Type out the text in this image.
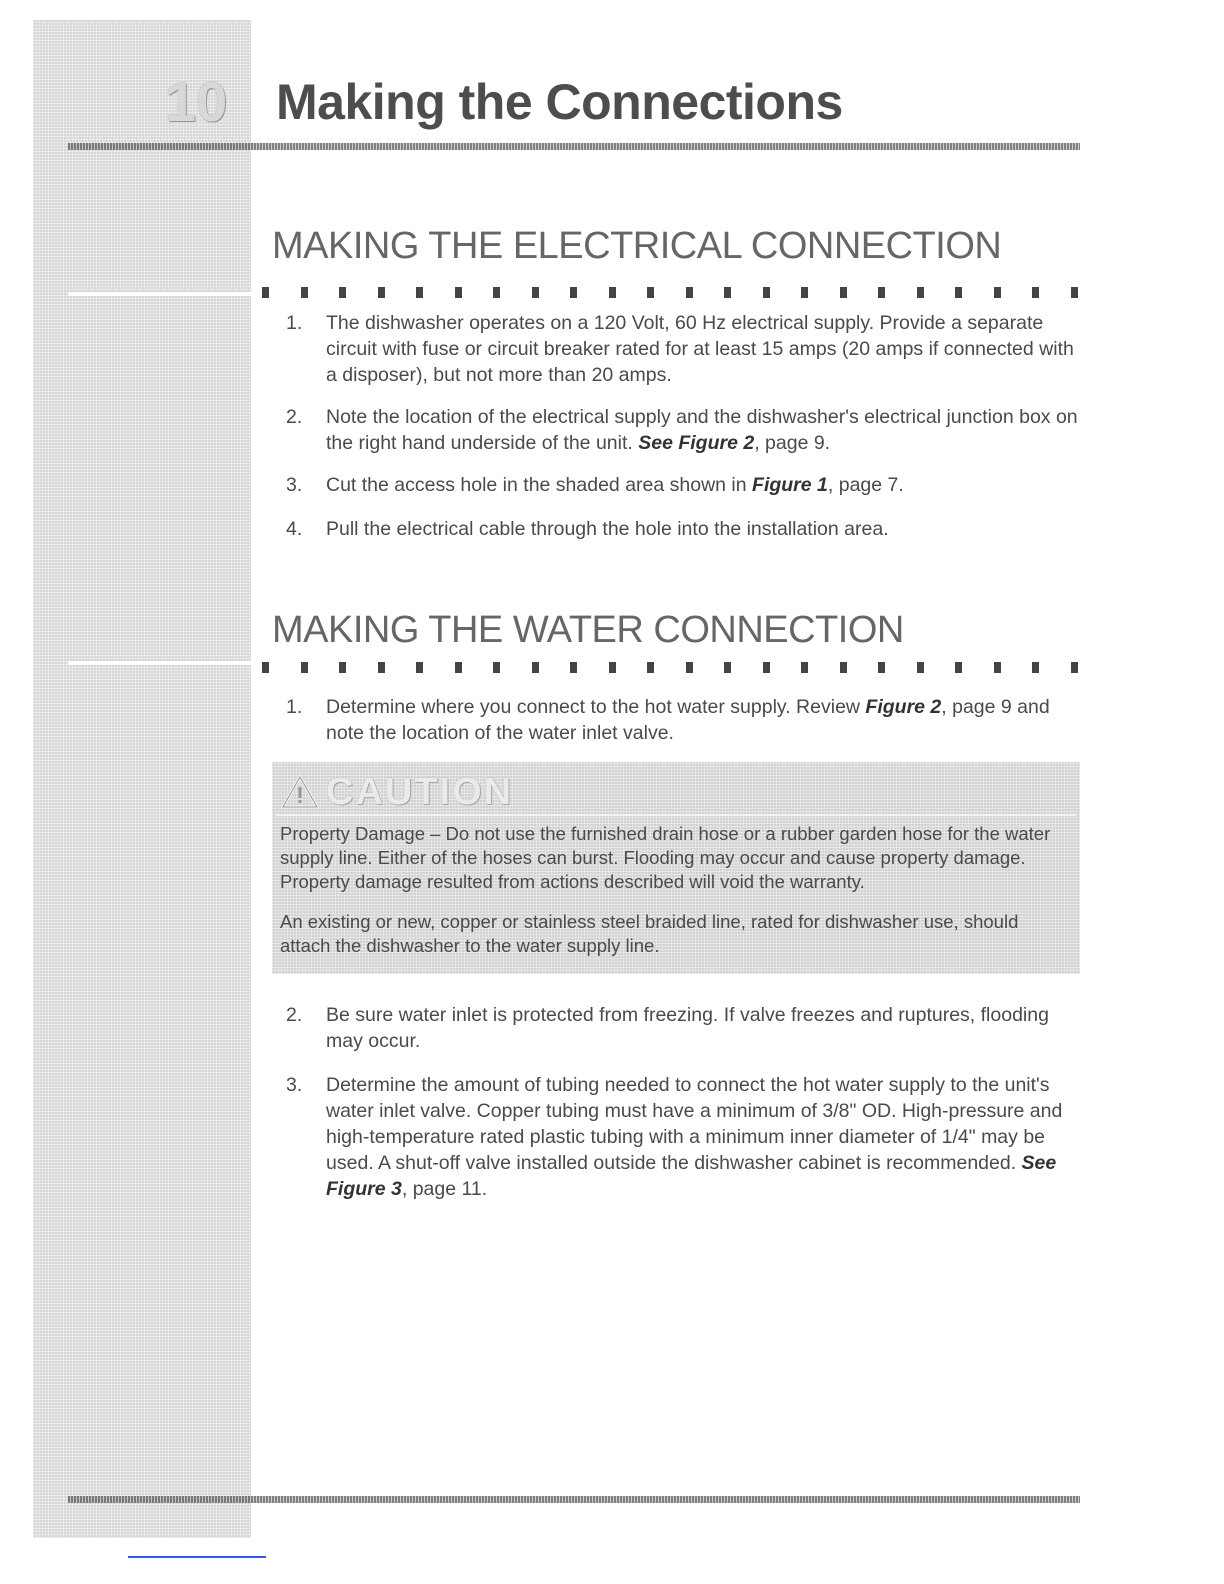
10 Making the Connections
MAKING THE ELECTRICAL CONNECTION
1. The dishwasher operates on a 120 Volt, 60 Hz electrical supply. Provide a separate circuit with fuse or circuit breaker rated for at least 15 amps (20 amps if connected with a disposer), but not more than 20 amps.
2. Note the location of the electrical supply and the dishwasher's electrical junction box on the right hand underside of the unit. See Figure 2, page 9.
3. Cut the access hole in the shaded area shown in Figure 1, page 7.
4. Pull the electrical cable through the hole into the installation area.
MAKING THE WATER CONNECTION
1. Determine where you connect to the hot water supply. Review Figure 2, page 9 and note the location of the water inlet valve.
CAUTION

Property Damage – Do not use the furnished drain hose or a rubber garden hose for the water supply line. Either of the hoses can burst. Flooding may occur and cause property damage. Property damage resulted from actions described will void the warranty.

An existing or new, copper or stainless steel braided line, rated for dishwasher use, should attach the dishwasher to the water supply line.

2. Be sure water inlet is protected from freezing. If valve freezes and ruptures, flooding may occur.
3. Determine the amount of tubing needed to connect the hot water supply to the unit's water inlet valve. Copper tubing must have a minimum of 3/8" OD. High-pressure and high-temperature rated plastic tubing with a minimum inner diameter of 1/4" may be used. A shut-off valve installed outside the dishwasher cabinet is recommended. See Figure 3, page 11.
